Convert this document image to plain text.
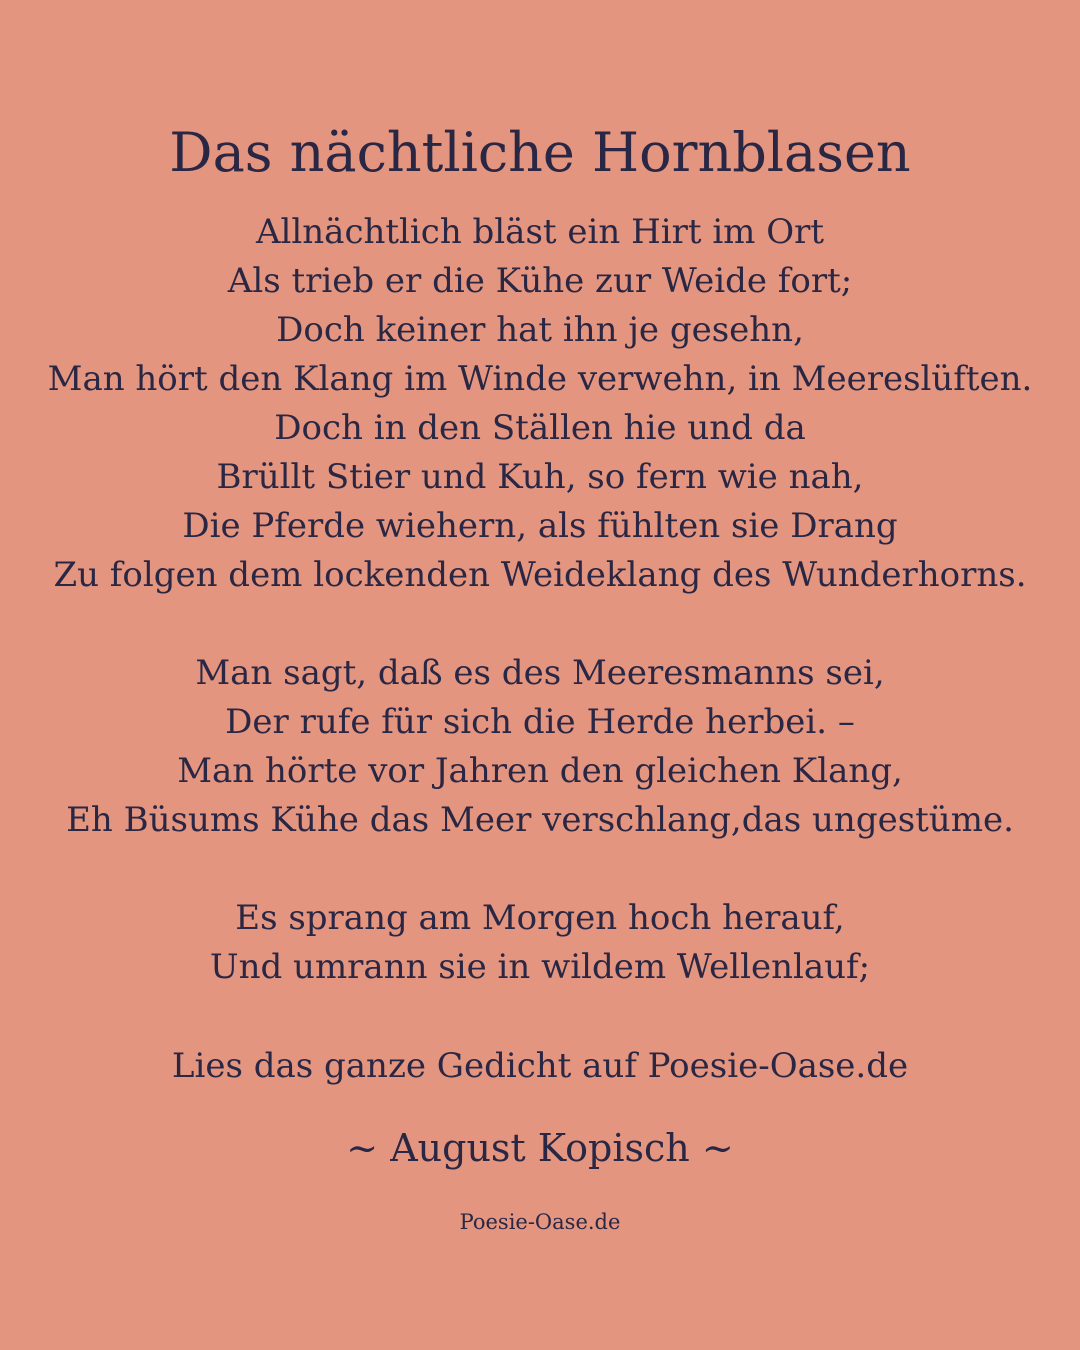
Das nächtliche Hornblasen
Allnächtlich bläst ein Hirt im Ort
Als trieb er die Kühe zur Weide fort;
Doch keiner hat ihn je gesehn,
Man hört den Klang im Winde verwehn, in Meereslüften.
Doch in den Ställen hie und da
Brüllt Stier und Kuh, so fern wie nah,
Die Pferde wiehern, als fühlten sie Drang
Zu folgen dem lockenden Weideklang des Wunderhorns.
Man sagt, daß es des Meeresmanns sei,
Der rufe für sich die Herde herbei. –
Man hörte vor Jahren den gleichen Klang,
Eh Büsums Kühe das Meer verschlang,das ungestüme.
Es sprang am Morgen hoch herauf,
Und umrann sie in wildem Wellenlauf;
Lies das ganze Gedicht auf Poesie-Oase.de
~ August Kopisch ~
Poesie-Oase.de
